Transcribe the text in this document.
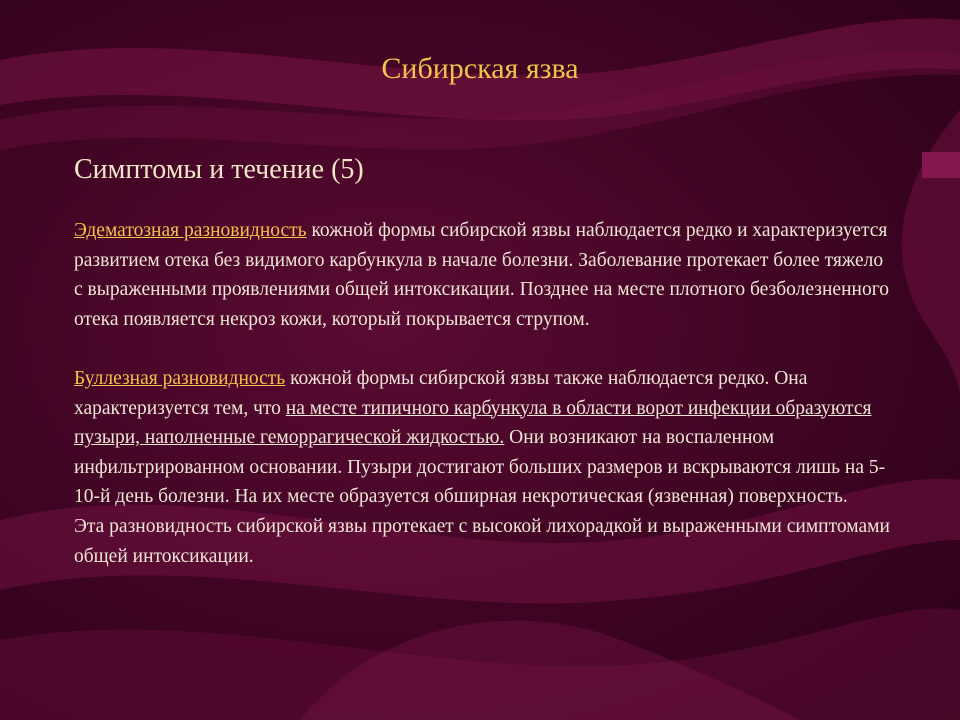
Сибирская язва
Симптомы и течение (5)

Эдематозная разновидность кожной формы сибирской язвы наблюдается редко и характеризуется развитием отека без видимого карбункула в начале болезни. Заболевание протекает более тяжело с выраженными проявлениями общей интоксикации. Позднее на месте плотного безболезненного отека появляется некроз кожи, который покрывается струпом.

Буллезная разновидность кожной формы сибирской язвы также наблюдается редко. Она характеризуется тем, что на месте типичного карбункула в области ворот инфекции образуются пузыри, наполненные геморрагической жидкостью. Они возникают на воспаленном инфильтрированном основании. Пузыри достигают больших размеров и вскрываются лишь на 5-10-й день болезни. На их месте образуется обширная некротическая (язвенная) поверхность.

Эта разновидность сибирской язвы протекает с высокой лихорадкой и выраженными симптомами общей интоксикации.
